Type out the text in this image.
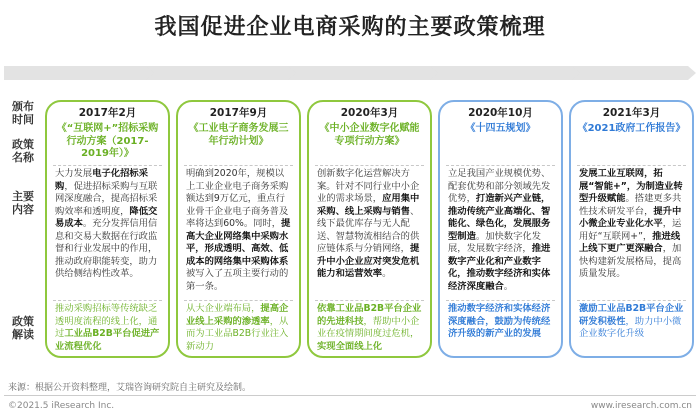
我国促进企业电商采购的主要政策梳理
颁布
时间
政策
名称
主要
内容
政策
解读
2017年2月
《“互联网+”招标采购行动方案（2017-2019年）》
大力发展电子化招标采购，促进招标采购与互联网深度融合，提高招标采购效率和透明度，降低交易成本。充分发挥信用信息和交易大数据在行政监督和行业发展中的作用，推动政府职能转变，助力供给侧结构性改革。
推动采购招标等传统缺乏透明度流程的线上化，通过工业品B2B平台促进产业流程优化
2017年9月
《工业电子商务发展三年行动计划》
明确到2020年，规模以上工业企业电子商务采购额达到9万亿元，重点行业骨干企业电子商务普及率将达到60%。同时，提高大企业网络集中采购水平，形成透明、高效、低成本的网络集中采购体系被写入了五项主要行动的第一条。
从大企业端布局，提高企业线上采购的渗透率，从而为工业品B2B行业注入新动力
2020年3月
《中小企业数字化赋能专项行动方案》
创新数字化运营解决方案。针对不同行业中小企业的需求场景，应用集中采购、线上采购与销售、线下最优库存与无人配送、智慧物流相结合的供应链体系与分销网络，提升中小企业应对突发危机能力和运营效率。
依靠工业品B2B平台企业的先进科技，帮助中小企业在疫情期间度过危机，实现全面线上化
2020年10月
《十四五规划》
立足我国产业规模优势、配套优势和部分领域先发优势，打造新兴产业链，推动传统产业高端化、智能化、绿色化，发展服务型制造。加快数字化发展，发展数字经济，推进数字产业化和产业数字化，推动数字经济和实体经济深度融合。
推动数字经济和实体经济深度融合，鼓励为传统经济升级的新产业的发展
2021年3月
《2021政府工作报告》
发展工业互联网，拓展“智能+”，为制造业转型升级赋能。搭建更多共性技术研发平台，提升中小微企业专业化水平，运用好“互联网+”，推进线上线下更广更深融合，加快构建新发展格局，提高质量发展。
激励工业品B2B平台企业研发积极性，助力中小微企业数字化升级
来源：根据公开资料整理，艾瑞咨询研究院自主研究及绘制。
©2021.5 iResearch Inc.	www.iresearch.com.cn
